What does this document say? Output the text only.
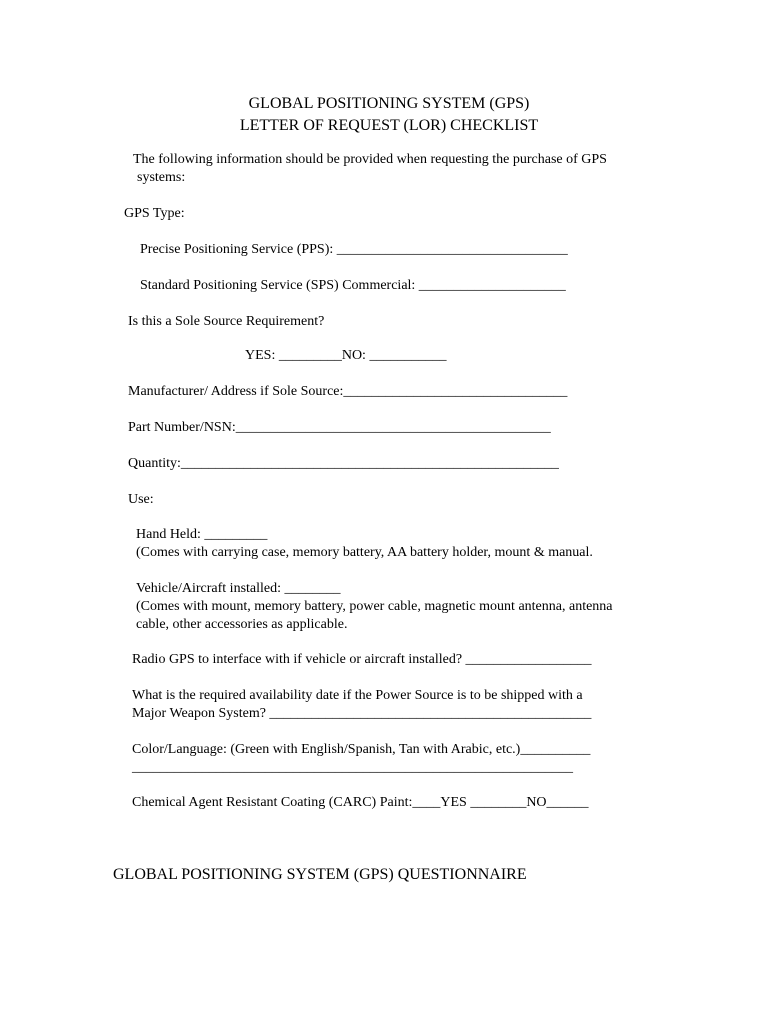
GLOBAL POSITIONING SYSTEM (GPS)
LETTER OF REQUEST (LOR) CHECKLIST
The following information should be provided when requesting the purchase of GPS
systems:
GPS Type:
Precise Positioning Service (PPS): _________________________________
Standard Positioning Service (SPS) Commercial: _____________________
Is this a Sole Source Requirement?
YES: _________NO: ___________
Manufacturer/ Address if Sole Source:________________________________
Part Number/NSN:_____________________________________________
Quantity:______________________________________________________
Use:
Hand Held: _________
(Comes with carrying case, memory battery, AA battery holder, mount & manual.
Vehicle/Aircraft installed: ________
(Comes with mount, memory battery, power cable, magnetic mount antenna, antenna
cable, other accessories as applicable.
Radio GPS to interface with if vehicle or aircraft installed? __________________
What is the required availability date if the Power Source is to be shipped with a
Major Weapon System? ______________________________________________
Color/Language: (Green with English/Spanish, Tan with Arabic, etc.)__________
_______________________________________________________________
Chemical Agent Resistant Coating (CARC) Paint:____YES ________NO______
GLOBAL POSITIONING SYSTEM (GPS) QUESTIONNAIRE
